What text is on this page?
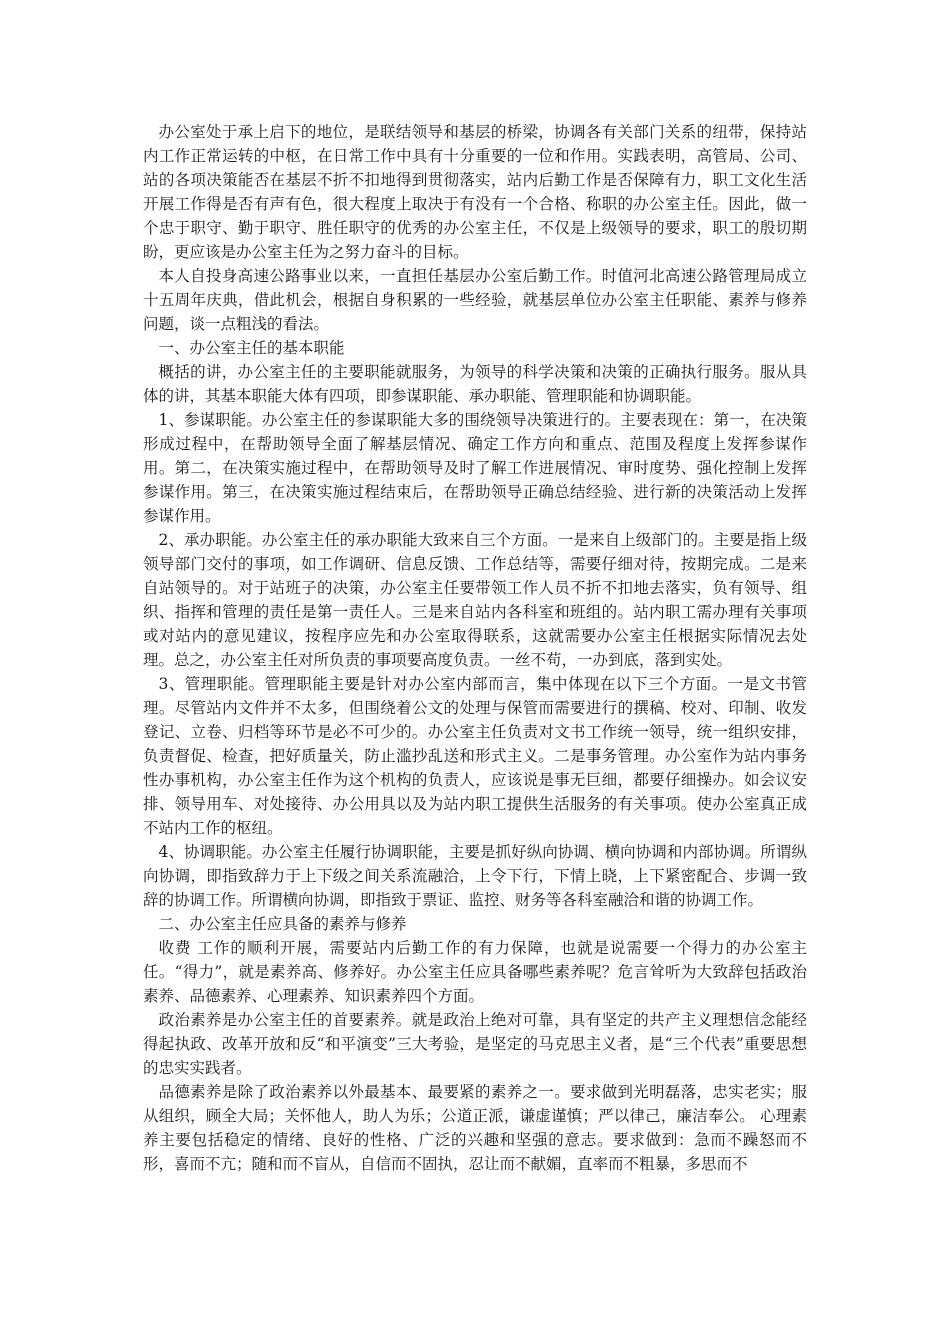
办公室处于承上启下的地位，是联结领导和基层的桥梁，协调各有关部门关系的纽带，保持站内工作正常运转的中枢，在日常工作中具有十分重要的一位和作用。实践表明，高管局、公司、站的各项决策能否在基层不折不扣地得到贯彻落实，站内后勤工作是否保障有力，职工文化生活开展工作得是否有声有色，很大程度上取决于有没有一个合格、称职的办公室主任。因此，做一个忠于职守、勤于职守、胜任职守的优秀的办公室主任，不仅是上级领导的要求，职工的殷切期盼，更应该是办公室主任为之努力奋斗的目标。

本人自投身高速公路事业以来，一直担任基层办公室后勤工作。时值河北高速公路管理局成立十五周年庆典，借此机会，根据自身积累的一些经验，就基层单位办公室主任职能、素养与修养问题，谈一点粗浅的看法。

一、办公室主任的基本职能

概括的讲，办公室主任的主要职能就服务，为领导的科学决策和决策的正确执行服务。服从具体的讲，其基本职能大体有四项，即参谋职能、承办职能、管理职能和协调职能。

1、参谋职能。办公室主任的参谋职能大多的围绕领导决策进行的。主要表现在：第一，在决策形成过程中，在帮助领导全面了解基层情况、确定工作方向和重点、范围及程度上发挥参谋作用。第二，在决策实施过程中，在帮助领导及时了解工作进展情况、审时度势、强化控制上发挥参谋作用。第三，在决策实施过程结束后，在帮助领导正确总结经验、进行新的决策活动上发挥参谋作用。

2、承办职能。办公室主任的承办职能大致来自三个方面。一是来自上级部门的。主要是指上级领导部门交付的事项，如工作调研、信息反馈、工作总结等，需要仔细对待，按期完成。二是来自站领导的。对于站班子的决策，办公室主任要带领工作人员不折不扣地去落实，负有领导、组织、指挥和管理的责任是第一责任人。三是来自站内各科室和班组的。站内职工需办理有关事项或对站内的意见建议，按程序应先和办公室取得联系，这就需要办公室主任根据实际情况去处理。总之，办公室主任对所负责的事项要高度负责。一丝不苟，一办到底，落到实处。

3、管理职能。管理职能主要是针对办公室内部而言，集中体现在以下三个方面。一是文书管理。尽管站内文件并不太多，但围绕着公文的处理与保管而需要进行的撰稿、校对、印制、收发登记、立卷、归档等环节是必不可少的。办公室主任负责对文书工作统一领导，统一组织安排，负责督促、检查，把好质量关，防止滥抄乱送和形式主义。二是事务管理。办公室作为站内事务性办事机构，办公室主任作为这个机构的负责人，应该说是事无巨细，都要仔细操办。如会议安排、领导用车、对处接待、办公用具以及为站内职工提供生活服务的有关事项。使办公室真正成不站内工作的枢纽。

4、协调职能。办公室主任履行协调职能，主要是抓好纵向协调、横向协调和内部协调。所谓纵向协调，即指致辞力于上下级之间关系流融洽，上令下行，下情上晓，上下紧密配合、步调一致辞的协调工作。所谓横向协调，即指致于票证、监控、财务等各科室融洽和谐的协调工作。

二、办公室主任应具备的素养与修养

收费 工作的顺利开展，需要站内后勤工作的有力保障，也就是说需要一个得力的办公室主任。“得力”，就是素养高、修养好。办公室主任应具备哪些素养呢？危言耸听为大致辞包括政治素养、品德素养、心理素养、知识素养四个方面。

政治素养是办公室主任的首要素养。就是政治上绝对可靠，具有坚定的共产主义理想信念能经得起执政、改革开放和反“和平演变”三大考验，是坚定的马克思主义者，是“三个代表”重要思想的忠实实践者。

品德素养是除了政治素养以外最基本、最要紧的素养之一。要求做到光明磊落，忠实老实；服从组织，顾全大局；关怀他人，助人为乐；公道正派，谦虚谨慎；严以律己，廉洁奉公。 心理素养主要包括稳定的情绪、良好的性格、广泛的兴趣和坚强的意志。要求做到：急而不躁怒而不形，喜而不亢；随和而不盲从，自信而不固执，忍让而不献媚，直率而不粗暴，多思而不
